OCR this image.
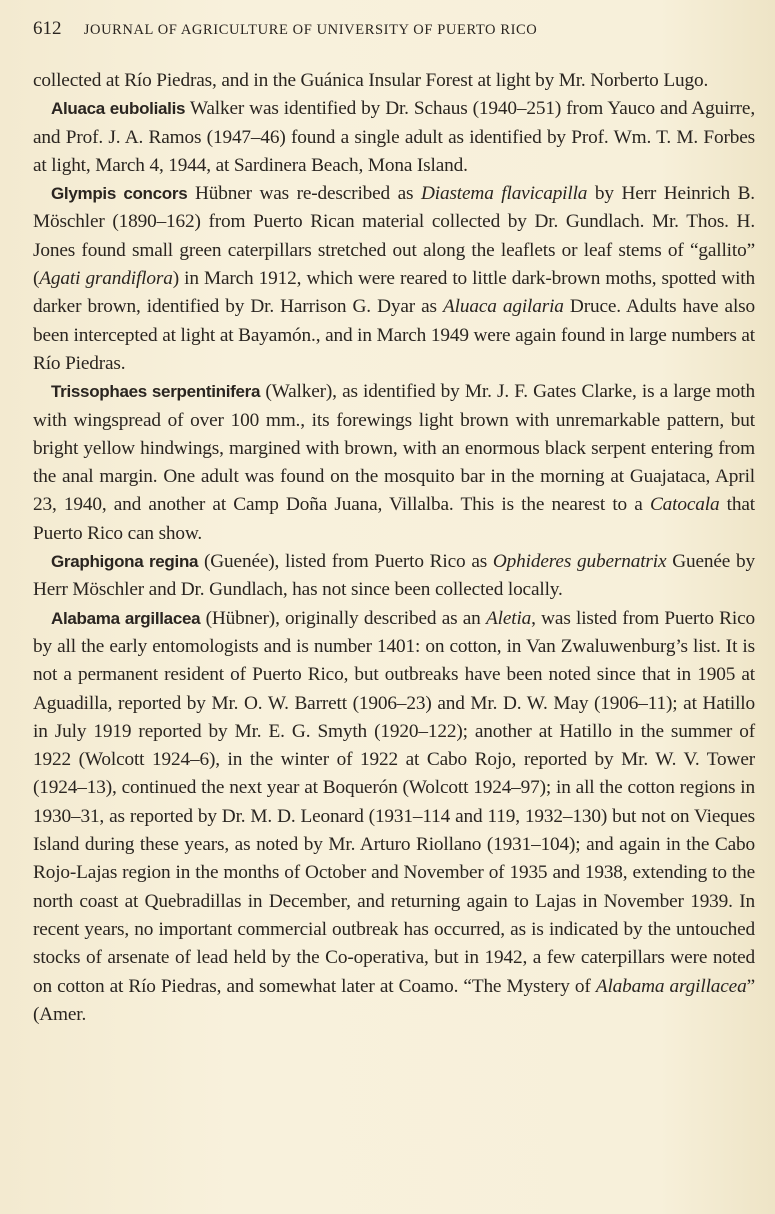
612 JOURNAL OF AGRICULTURE OF UNIVERSITY OF PUERTO RICO

collected at Río Piedras, and in the Guánica Insular Forest at light by Mr. Norberto Lugo.

Aluaca eubolialis Walker was identified by Dr. Schaus (1940–251) from Yauco and Aguirre, and Prof. J. A. Ramos (1947–46) found a single adult as identified by Prof. Wm. T. M. Forbes at light, March 4, 1944, at Sardinera Beach, Mona Island.

Glympis concors Hübner was re-described as Diastema flavicapilla by Herr Heinrich B. Möschler (1890–162) from Puerto Rican material collected by Dr. Gundlach. Mr. Thos. H. Jones found small green caterpillars stretched out along the leaflets or leaf stems of “gallito” (Agati grandiflora) in March 1912, which were reared to little dark-brown moths, spotted with darker brown, identified by Dr. Harrison G. Dyar as Aluaca agilaria Druce. Adults have also been intercepted at light at Bayamón., and in March 1949 were again found in large numbers at Río Piedras.

Trissophaes serpentinifera (Walker), as identified by Mr. J. F. Gates Clarke, is a large moth with wingspread of over 100 mm., its forewings light brown with unremarkable pattern, but bright yellow hindwings, margined with brown, with an enormous black serpent entering from the anal margin. One adult was found on the mosquito bar in the morning at Guajataca, April 23, 1940, and another at Camp Doña Juana, Villalba. This is the nearest to a Catocala that Puerto Rico can show.

Graphigona regina (Guenée), listed from Puerto Rico as Ophideres gubernatrix Guenée by Herr Möschler and Dr. Gundlach, has not since been collected locally.

Alabama argillacea (Hübner), originally described as an Aletia, was listed from Puerto Rico by all the early entomologists and is number 1401: on cotton, in Van Zwaluwenburg’s list. It is not a permanent resident of Puerto Rico, but outbreaks have been noted since that in 1905 at Aguadilla, reported by Mr. O. W. Barrett (1906–23) and Mr. D. W. May (1906–11); at Hatillo in July 1919 reported by Mr. E. G. Smyth (1920–122); another at Hatillo in the summer of 1922 (Wolcott 1924–6), in the winter of 1922 at Cabo Rojo, reported by Mr. W. V. Tower (1924–13), continued the next year at Boquerón (Wolcott 1924–97); in all the cotton regions in 1930–31, as reported by Dr. M. D. Leonard (1931–114 and 119, 1932–130) but not on Vieques Island during these years, as noted by Mr. Arturo Riollano (1931–104); and again in the Cabo Rojo-Lajas region in the months of October and November of 1935 and 1938, extending to the north coast at Quebradillas in December, and returning again to Lajas in November 1939. In recent years, no important commercial outbreak has occurred, as is indicated by the untouched stocks of arsenate of lead held by the Co-operativa, but in 1942, a few caterpillars were noted on cotton at Río Piedras, and somewhat later at Coamo. “The Mystery of Alabama argillacea” (Amer.
